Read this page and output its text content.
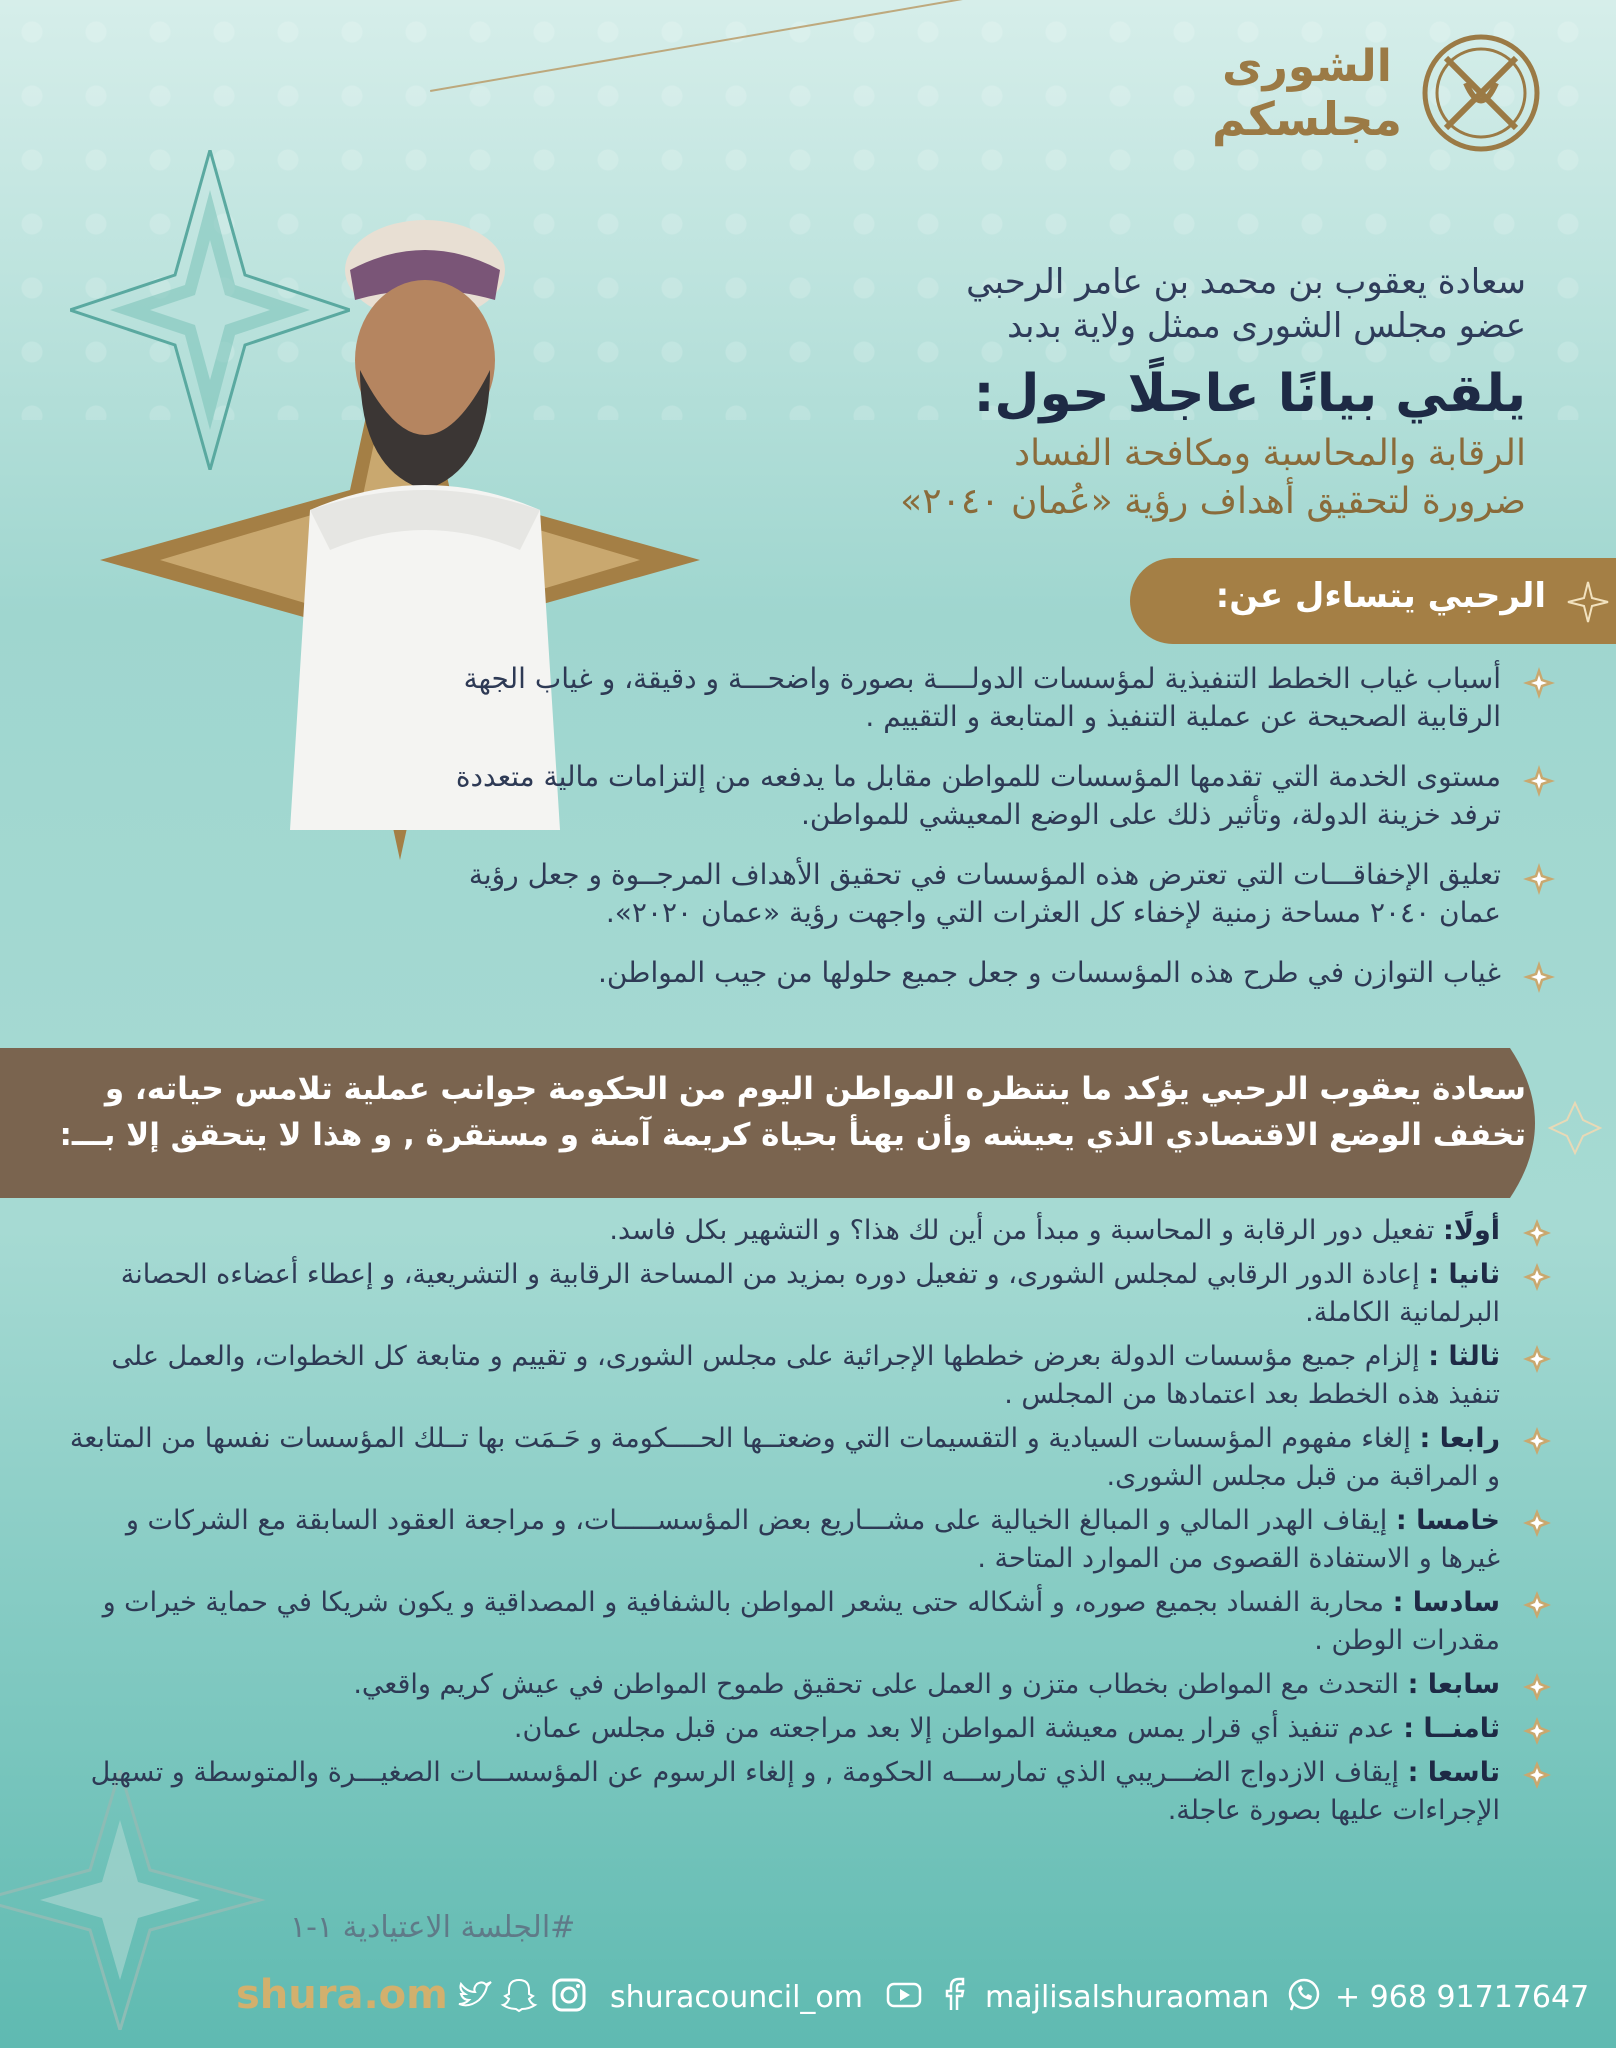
الشورى
مجلسكم

سعادة يعقوب بن محمد بن عامر الرحبي

عضو مجلس الشورى ممثل ولاية بدبد

يلقي بيانًا عاجلًا حول:

الرقابة والمحاسبة ومكافحة الفساد

ضرورة لتحقيق أهداف رؤية «عُمان ٢٠٤٠»

الرحبي يتساءل عن:
أسباب غياب الخطط التنفيذية لمؤسسات الدولــــة بصورة واضحـــة و دقيقة، و غياب الجهة الرقابية الصحيحة عن عملية التنفيذ و المتابعة و التقييم .
مستوى الخدمة التي تقدمها المؤسسات للمواطن مقابل ما يدفعه من إلتزامات مالية متعددة ترفد خزينة الدولة، وتأثير ذلك على الوضع المعيشي للمواطن.
تعليق الإخفاقـــات التي تعترض هذه المؤسسات في تحقيق الأهداف المرجــوة و جعل رؤية عمان ٢٠٤٠ مساحة زمنية لإخفاء كل العثرات التي واجهت رؤية «عمان ٢٠٢٠».
غياب التوازن في طرح هذه المؤسسات و جعل جميع حلولها من جيب المواطن.
سعادة يعقوب الرحبي يؤكد ما ينتظره المواطن اليوم من الحكومة جوانب عملية تلامس حياته، و
تخفف الوضع الاقتصادي الذي يعيشه وأن يهنأ بحياة كريمة آمنة و مستقرة , و هذا لا يتحقق إلا بـــ:
أولًا: تفعيل دور الرقابة و المحاسبة و مبدأ من أين لك هذا؟ و التشهير بكل فاسد.
ثانيا : إعادة الدور الرقابي لمجلس الشورى، و تفعيل دوره بمزيد من المساحة الرقابية و التشريعية، و إعطاء أعضاءه الحصانة البرلمانية الكاملة.
ثالثا : إلزام جميع مؤسسات الدولة بعرض خططها الإجرائية على مجلس الشورى، و تقييم و متابعة كل الخطوات، والعمل على تنفيذ هذه الخطط بعد اعتمادها من المجلس .
رابعا : إلغاء مفهوم المؤسسات السيادية و التقسيمات التي وضعتــها الحــــكومة و حَـمَت بها تــلك المؤسسات نفسها من المتابعة و المراقبة من قبل مجلس الشورى.
خامسا : إيقاف الهدر المالي و المبالغ الخيالية على مشـــاريع بعض المؤسســـــات، و مراجعة العقود السابقة مع الشركات و غيرها و الاستفادة القصوى من الموارد المتاحة .
سادسا : محاربة الفساد بجميع صوره، و أشكاله حتى يشعر المواطن بالشفافية و المصداقية و يكون شريكا في حماية خيرات و مقدرات الوطن .
سابعا : التحدث مع المواطن بخطاب متزن و العمل على تحقيق طموح المواطن في عيش كريم واقعي.
ثامنــا : عدم تنفيذ أي قرار يمس معيشة المواطن إلا بعد مراجعته من قبل مجلس عمان.
تاسعا : إيقاف الازدواج الضـــريبي الذي تمارســـه الحكومة , و إلغاء الرسوم عن المؤسســـات الصغيـــرة والمتوسطة و تسهيل الإجراءات عليها بصورة عاجلة.
#الجلسة الاعتيادية ١-١
shura.om	shuracouncil_om	majlisalshuraoman + 968 91717647
